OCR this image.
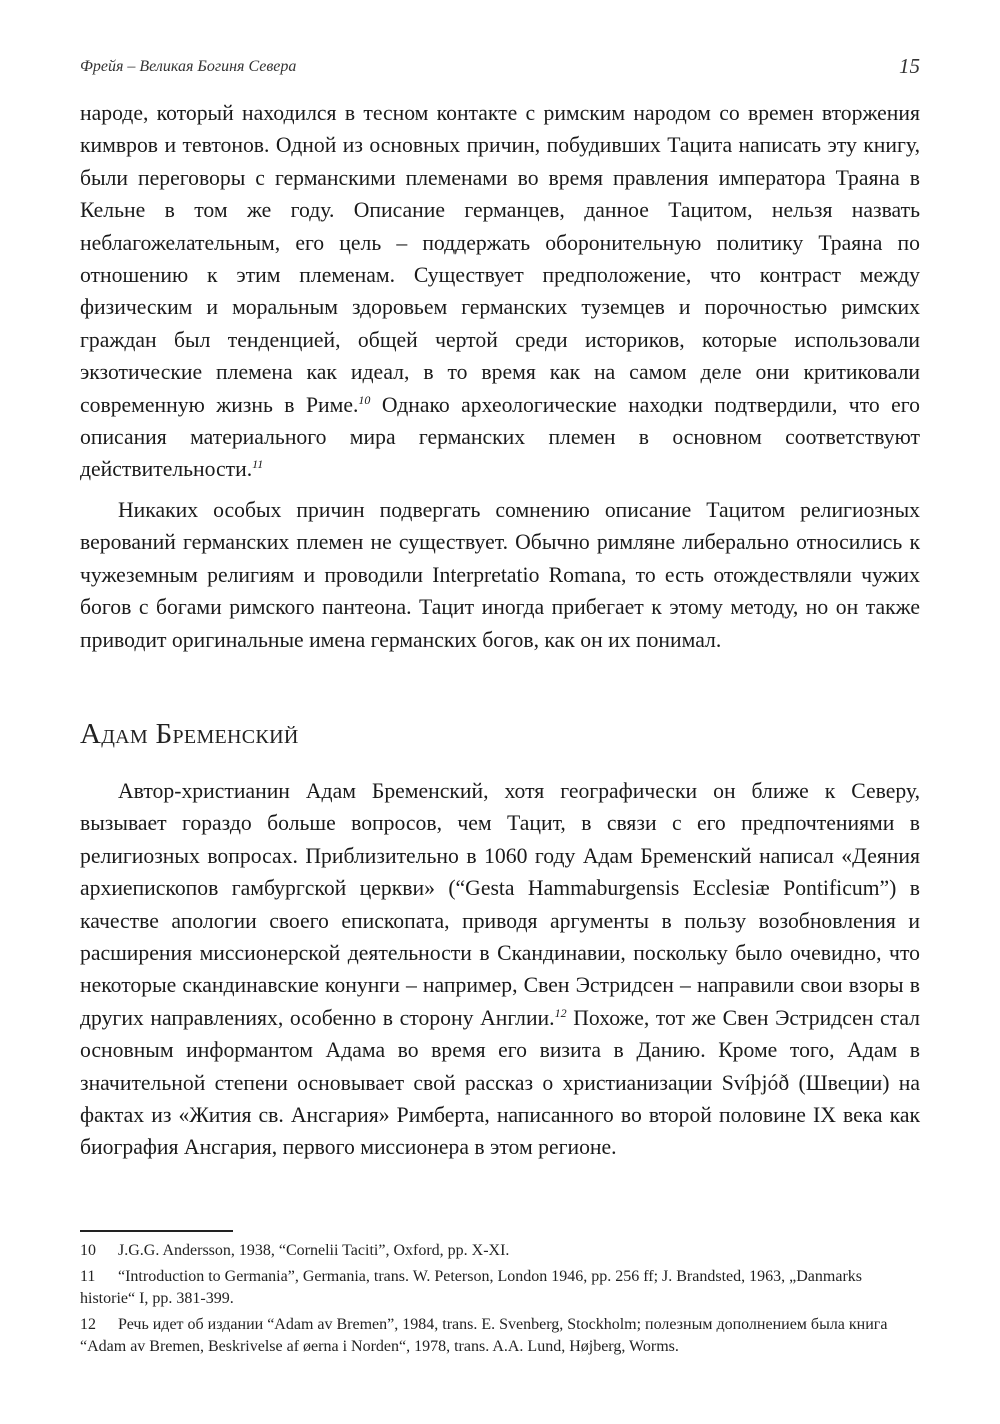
Фрейя – Великая Богиня Севера	15

народе, который находился в тесном контакте с римским народом со времен вторжения кимвров и тевтонов. Одной из основных причин, побудивших Тацита написать эту книгу, были переговоры с германскими племенами во время правления императора Траяна в Кельне в том же году. Описание германцев, данное Тацитом, нельзя назвать неблагожелательным, его цель – поддержать оборонительную политику Траяна по отношению к этим племенам. Существует предположение, что контраст между физическим и моральным здоровьем германских туземцев и порочностью римских граждан был тенденцией, общей чертой среди историков, которые использовали экзотические племена как идеал, в то время как на самом деле они критиковали современную жизнь в Риме.$^{10}$ Однако археологические находки подтвердили, что его описания материального мира германских племен в основном соответствуют действительности.$^{11}$

Никаких особых причин подвергать сомнению описание Тацитом религиозных верований германских племен не существует. Обычно римляне либерально относились к чужеземным религиям и проводили Interpretatio Romana, то есть отождествляли чужих богов с богами римского пантеона. Тацит иногда прибегает к этому методу, но он также приводит оригинальные имена германских богов, как он их понимал.

Адам Бременский

Автор-христианин Адам Бременский, хотя географически он ближе к Северу, вызывает гораздо больше вопросов, чем Тацит, в связи с его предпочтениями в религиозных вопросах. Приблизительно в 1060 году Адам Бременский написал «Деяния архиепископов гамбургской церкви» (“Gesta Hammaburgensis Ecclesiæ Pontificum”) в качестве апологии своего епископата, приводя аргументы в пользу возобновления и расширения миссионерской деятельности в Скандинавии, поскольку было очевидно, что некоторые скандинавские конунги – например, Свен Эстридсен – направили свои взоры в других направлениях, особенно в сторону Англии.$^{12}$ Похоже, тот же Свен Эстридсен стал основным информантом Адама во время его визита в Данию. Кроме того, Адам в значительной степени основывает свой рассказ о христианизации Svíþjóð (Швеции) на фактах из «Жития св. Ансгария» Римберта, написанного во второй половине IX века как биография Ансгария, первого миссионера в этом регионе.

10 J.G.G. Andersson, 1938, “Cornelii Taciti”, Oxford, pp. X-XI.

11 “Introduction to Germania”, Germania, trans. W. Peterson, London 1946, pp. 256 ff; J. Brandsted, 1963, „Danmarks historie“ I, pp. 381-399.

12 Речь идет об издании “Adam av Bremen”, 1984, trans. E. Svenberg, Stockholm; полезным дополнением была книга “Adam av Bremen, Beskrivelse af øerna i Norden“, 1978, trans. A.A. Lund, Højberg, Worms.
